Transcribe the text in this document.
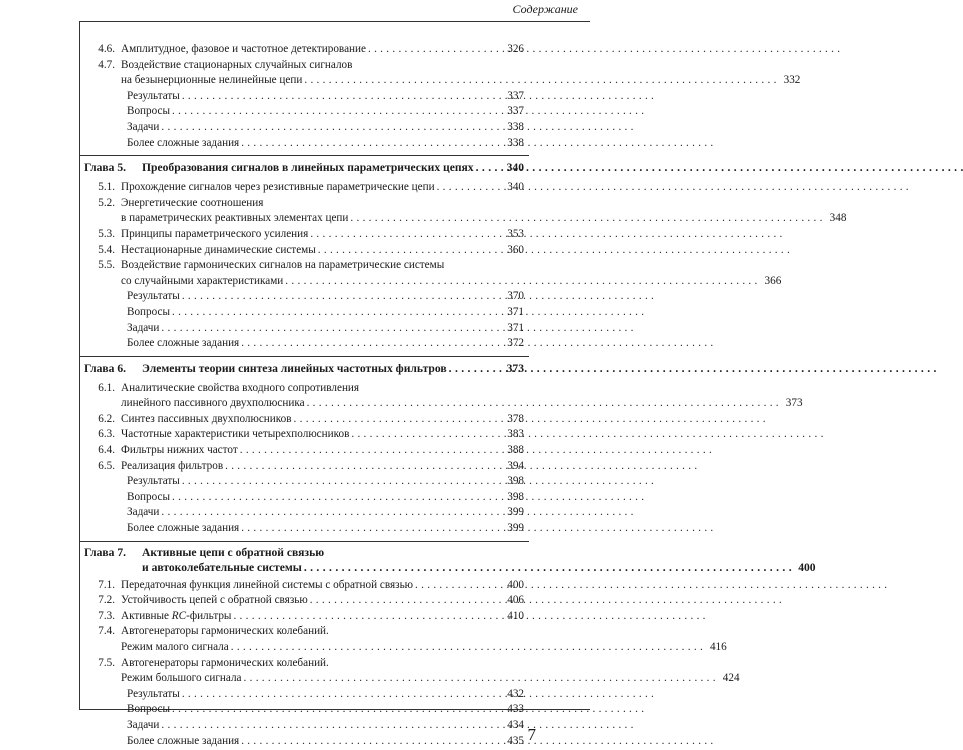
Содержание
7
4.6. Амплитудное, фазовое и частотное детектирование . . .	326
4.7. Воздействие стационарных случайных сигналов
на безынерционные нелинейные цепи . . .	332
Результаты . . .	337
Вопросы . . .	337
Задачи . . .	338
Более сложные задания . . .	338
Глава 5.	Преобразования сигналов в линейных параметрических цепях . . .	340
5.1. Прохождение сигналов через резистивные параметрические цепи . . .	340
5.2. Энергетические соотношения
в параметрических реактивных элементах цепи . . .	348
5.3. Принципы параметрического усиления . . .	353
5.4. Нестационарные динамические системы . . .	360
5.5. Воздействие гармонических сигналов на параметрические системы
со случайными характеристиками . . .	366
Результаты . . .	370
Вопросы . . .	371
Задачи . . .	371
Более сложные задания . . .	372
Глава 6.	Элементы теории синтеза линейных частотных фильтров . . .	373
6.1. Аналитические свойства входного сопротивления
линейного пассивного двухполюсника . . .	373
6.2. Синтез пассивных двухполюсников . . .	378
6.3. Частотные характеристики четырехполюсников . . .	383
6.4. Фильтры нижних частот . . .	388
6.5. Реализация фильтров . . .	394
Результаты . . .	398
Вопросы . . .	398
Задачи . . .	399
Более сложные задания . . .	399
Глава 7.	Активные цепи с обратной связью
и автоколебательные системы . . .	400
7.1. Передаточная функция линейной системы с обратной связью . . .	400
7.2. Устойчивость цепей с обратной связью . . .	406
7.3. Активные RC-фильтры . . .	410
7.4. Автогенераторы гармонических колебаний.
Режим малого сигнала . . .	416
7.5. Автогенераторы гармонических колебаний.
Режим большого сигнала . . .	424
Результаты . . .	432
Вопросы . . .	433
Задачи . . .	434
Более сложные задания . . .	435
